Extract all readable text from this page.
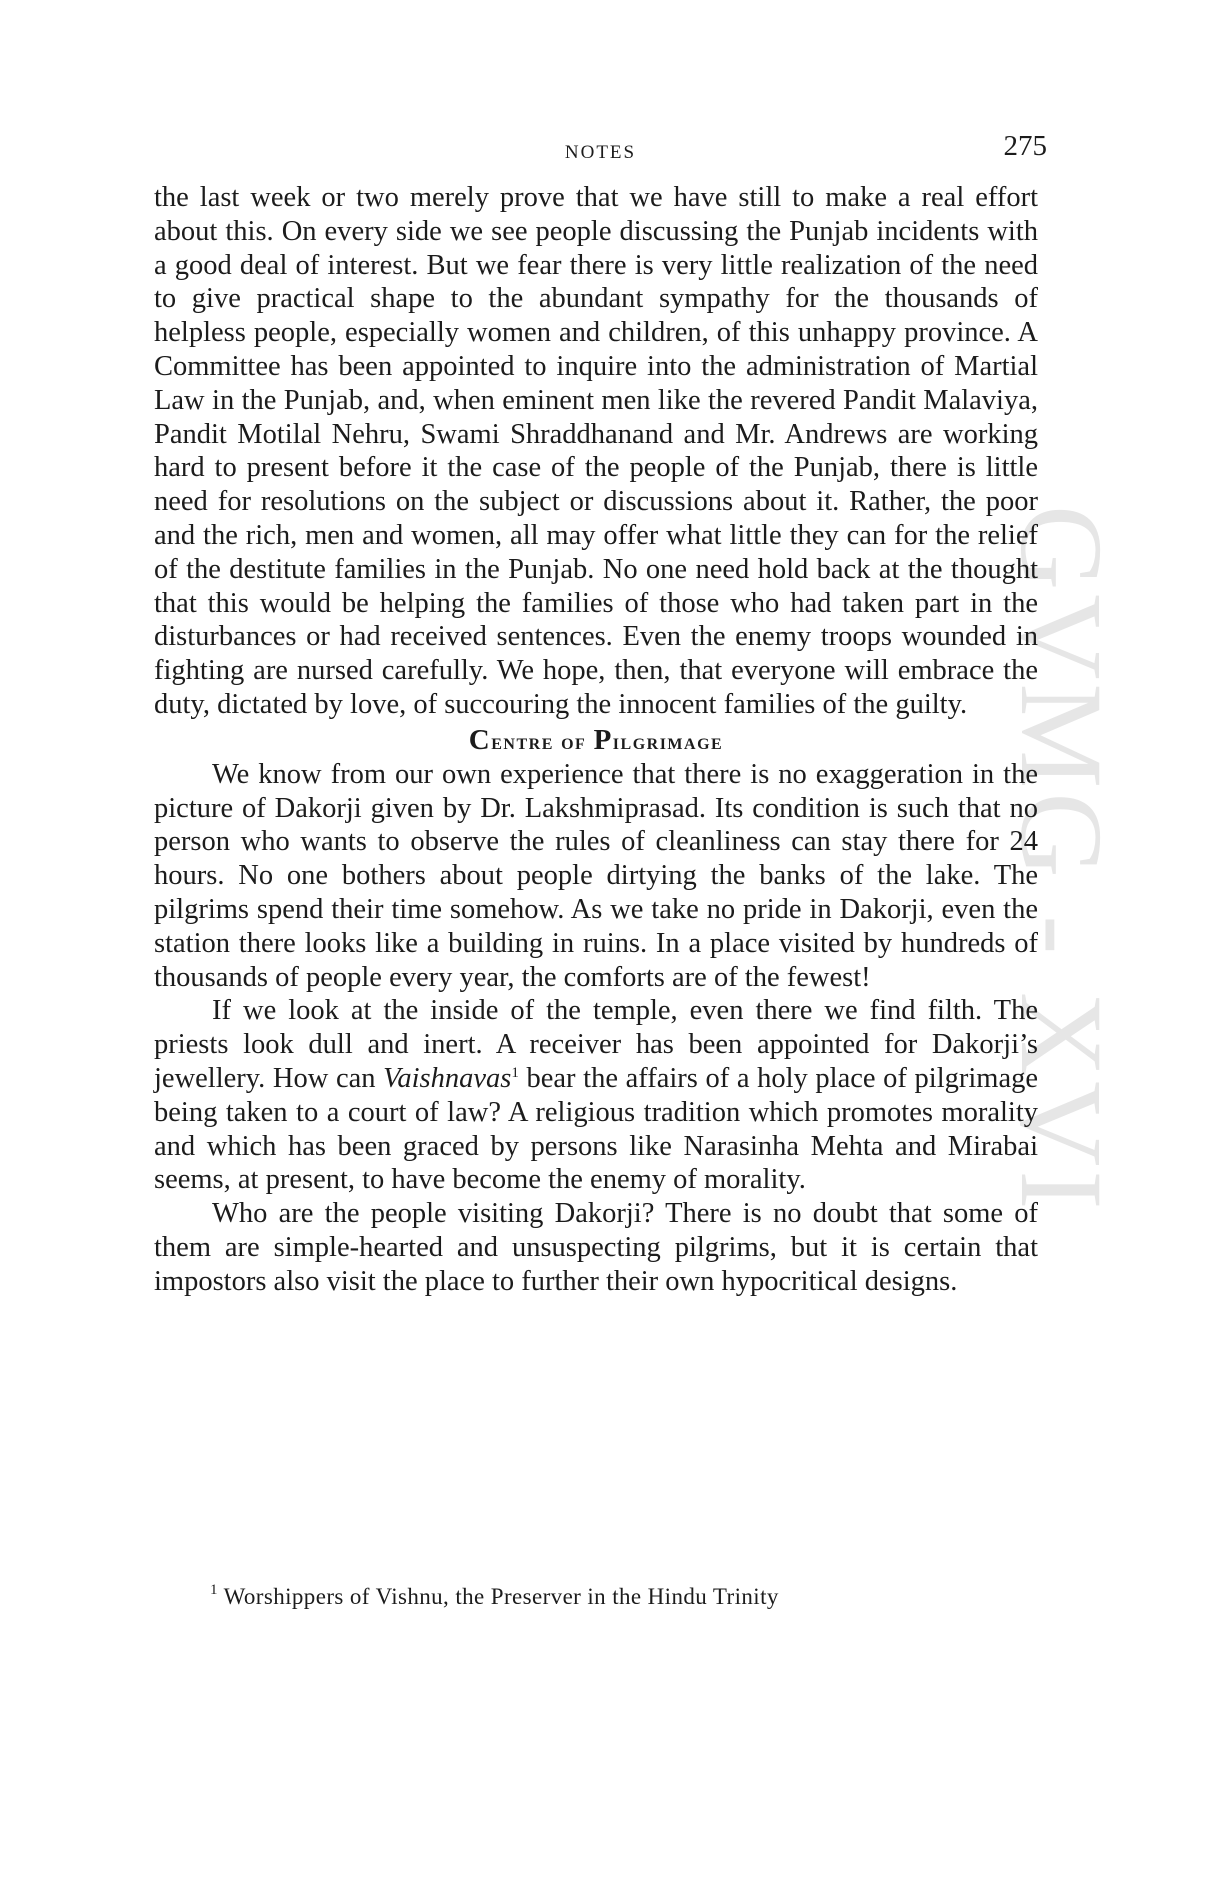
GVMG - XVI
NOTES	275

the last week or two merely prove that we have still to make a real effort about this. On every side we see people discussing the Punjab incidents with a good deal of interest. But we fear there is very little realization of the need to give practical shape to the abundant sympathy for the thousands of helpless people, especially women and children, of this unhappy province. A Committee has been appointed to inquire into the administration of Martial Law in the Punjab, and, when eminent men like the revered Pandit Malaviya, Pandit Motilal Nehru, Swami Shraddhanand and Mr. Andrews are working hard to present before it the case of the people of the Punjab, there is little need for resolutions on the subject or discussions about it. Rather, the poor and the rich, men and women, all may offer what little they can for the relief of the destitute families in the Punjab. No one need hold back at the thought that this would be helping the families of those who had taken part in the disturbances or had received sentences. Even the enemy troops wounded in fighting are nursed carefully. We hope, then, that everyone will embrace the duty, dictated by love, of succouring the innocent families of the guilty.

Centre of Pilgrimage

We know from our own experience that there is no exaggeration in the picture of Dakorji given by Dr. Lakshmiprasad. Its condition is such that no person who wants to observe the rules of cleanliness can stay there for 24 hours. No one bothers about people dirtying the banks of the lake. The pilgrims spend their time somehow. As we take no pride in Dakorji, even the station there looks like a building in ruins. In a place visited by hundreds of thousands of people every year, the comforts are of the fewest!

If we look at the inside of the temple, even there we find filth. The priests look dull and inert. A receiver has been appointed for Dakorji’s jewellery. How can Vaishnavas$^1$ bear the affairs of a holy place of pilgrimage being taken to a court of law? A religious tradition which promotes morality and which has been graced by persons like Narasinha Mehta and Mirabai seems, at present, to have become the enemy of morality.

Who are the people visiting Dakorji? There is no doubt that some of them are simple-hearted and unsuspecting pilgrims, but it is certain that impostors also visit the place to further their own hypocritical designs.

$^1$ Worshippers of Vishnu, the Preserver in the Hindu Trinity
